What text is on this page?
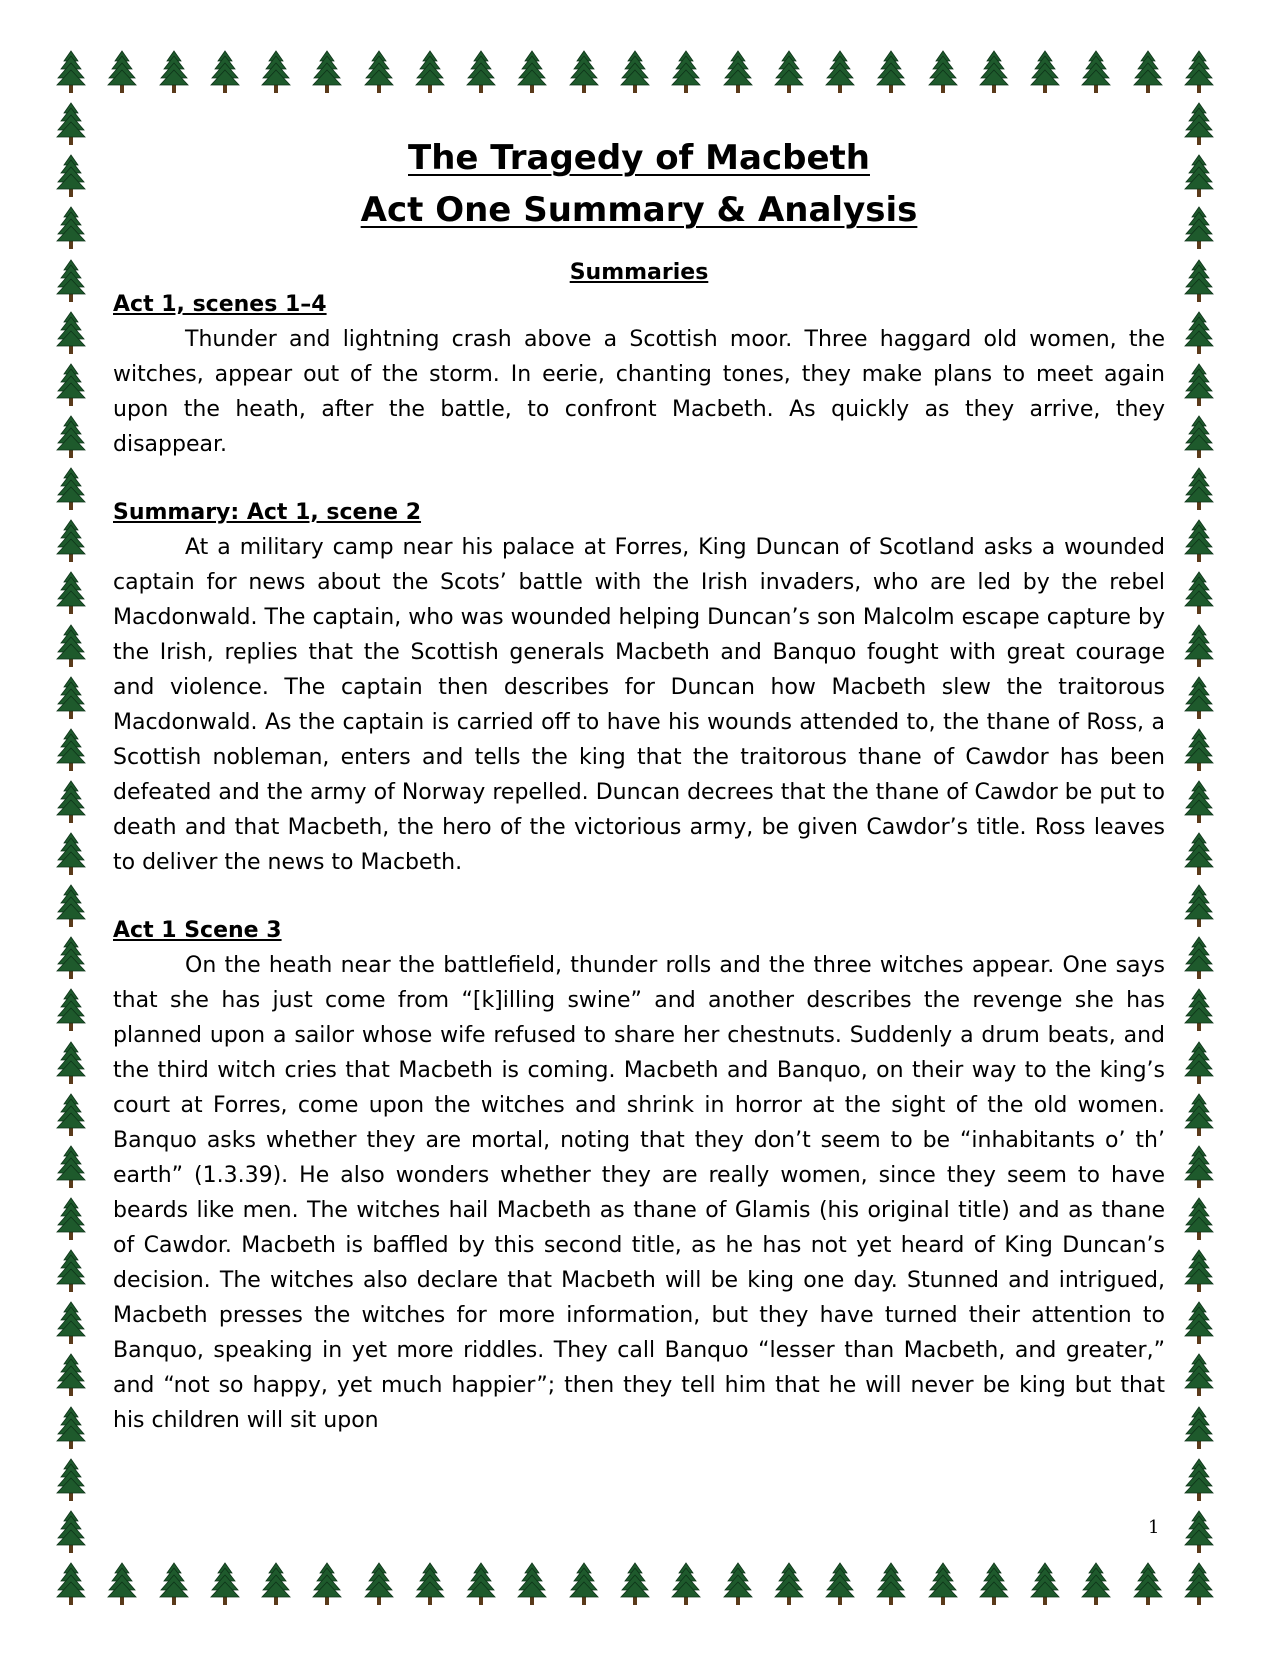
The Tragedy of Macbeth
Act One Summary & Analysis
Summaries
Act 1, scenes 1–4

Thunder and lightning crash above a Scottish moor. Three haggard old women, the witches, appear out of the storm. In eerie, chanting tones, they make plans to meet again upon the heath, after the battle, to confront Macbeth. As quickly as they arrive, they disappear.

Summary: Act 1, scene 2

At a military camp near his palace at Forres, King Duncan of Scotland asks a wounded captain for news about the Scots’ battle with the Irish invaders, who are led by the rebel Macdonwald. The captain, who was wounded helping Duncan’s son Malcolm escape capture by the Irish, replies that the Scottish generals Macbeth and Banquo fought with great courage and violence. The captain then describes for Duncan how Macbeth slew the traitorous Macdonwald. As the captain is carried off to have his wounds attended to, the thane of Ross, a Scottish nobleman, enters and tells the king that the traitorous thane of Cawdor has been defeated and the army of Norway repelled. Duncan decrees that the thane of Cawdor be put to death and that Macbeth, the hero of the victorious army, be given Cawdor’s title. Ross leaves to deliver the news to Macbeth.

Act 1 Scene 3

On the heath near the battlefield, thunder rolls and the three witches appear. One says that she has just come from “[k]illing swine” and another describes the revenge she has planned upon a sailor whose wife refused to share her chestnuts. Suddenly a drum beats, and the third witch cries that Macbeth is coming. Macbeth and Banquo, on their way to the king’s court at Forres, come upon the witches and shrink in horror at the sight of the old women. Banquo asks whether they are mortal, noting that they don’t seem to be “inhabitants o’ th’ earth” (1.3.39). He also wonders whether they are really women, since they seem to have beards like men. The witches hail Macbeth as thane of Glamis (his original title) and as thane of Cawdor. Macbeth is baffled by this second title, as he has not yet heard of King Duncan’s decision. The witches also declare that Macbeth will be king one day. Stunned and intrigued, Macbeth presses the witches for more information, but they have turned their attention to Banquo, speaking in yet more riddles. They call Banquo “lesser than Macbeth, and greater,” and “not so happy, yet much happier”; then they tell him that he will never be king but that his children will sit upon

1
